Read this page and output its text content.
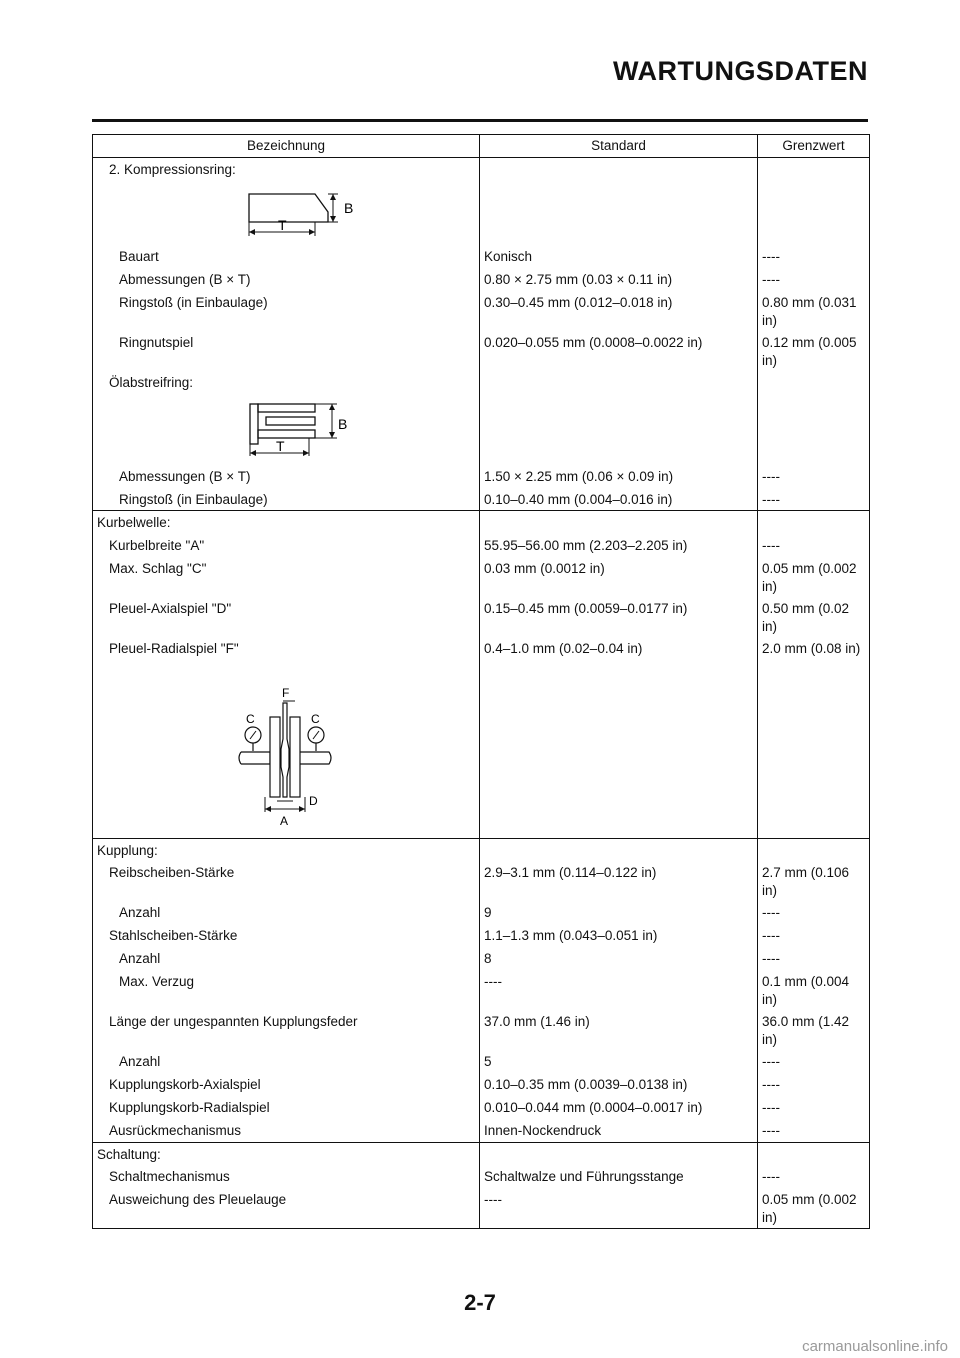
WARTUNGSDATEN
Bezeichnung	Standard	Grenzwert
2. Kompressionsring:		

B
T		

Bauart	Konisch	----
Abmessungen (B × T)	0.80 × 2.75 mm (0.03 × 0.11 in)	----
Ringstoß (in Einbaulage)	0.30–0.45 mm (0.012–0.018 in)	0.80 mm (0.031 in)
Ringnutspiel	0.020–0.055 mm (0.0008–0.0022 in)	0.12 mm (0.005 in)
Ölabstreifring:		

B
T		

Abmessungen (B × T)	1.50 × 2.25 mm (0.06 × 0.09 in)	----
Ringstoß (in Einbaulage)	0.10–0.40 mm (0.004–0.016 in)	----
Kurbelwelle:		
Kurbelbreite "A"	55.95–56.00 mm (2.203–2.205 in)	----
Max. Schlag "C"	0.03 mm (0.0012 in)	0.05 mm (0.002 in)
Pleuel-Axialspiel "D"	0.15–0.45 mm (0.0059–0.0177 in)	0.50 mm (0.02 in)
Pleuel-Radialspiel "F"	0.4–1.0 mm (0.02–0.04 in)	2.0 mm (0.08 in)

F
C C
D
A		

Kupplung:		
Reibscheiben-Stärke	2.9–3.1 mm (0.114–0.122 in)	2.7 mm (0.106 in)
Anzahl	9	----
Stahlscheiben-Stärke	1.1–1.3 mm (0.043–0.051 in)	----
Anzahl	8	----
Max. Verzug	----	0.1 mm (0.004 in)
Länge der ungespannten Kupplungsfeder	37.0 mm (1.46 in)	36.0 mm (1.42 in)
Anzahl	5	----
Kupplungskorb-Axialspiel	0.10–0.35 mm (0.0039–0.0138 in)	----
Kupplungskorb-Radialspiel	0.010–0.044 mm (0.0004–0.0017 in)	----
Ausrückmechanismus	Innen-Nockendruck	----
Schaltung:		
Schaltmechanismus	Schaltwalze und Führungsstange	----
Ausweichung des Pleuelauge	----	0.05 mm (0.002 in)
2-7
carmanualsonline.info
